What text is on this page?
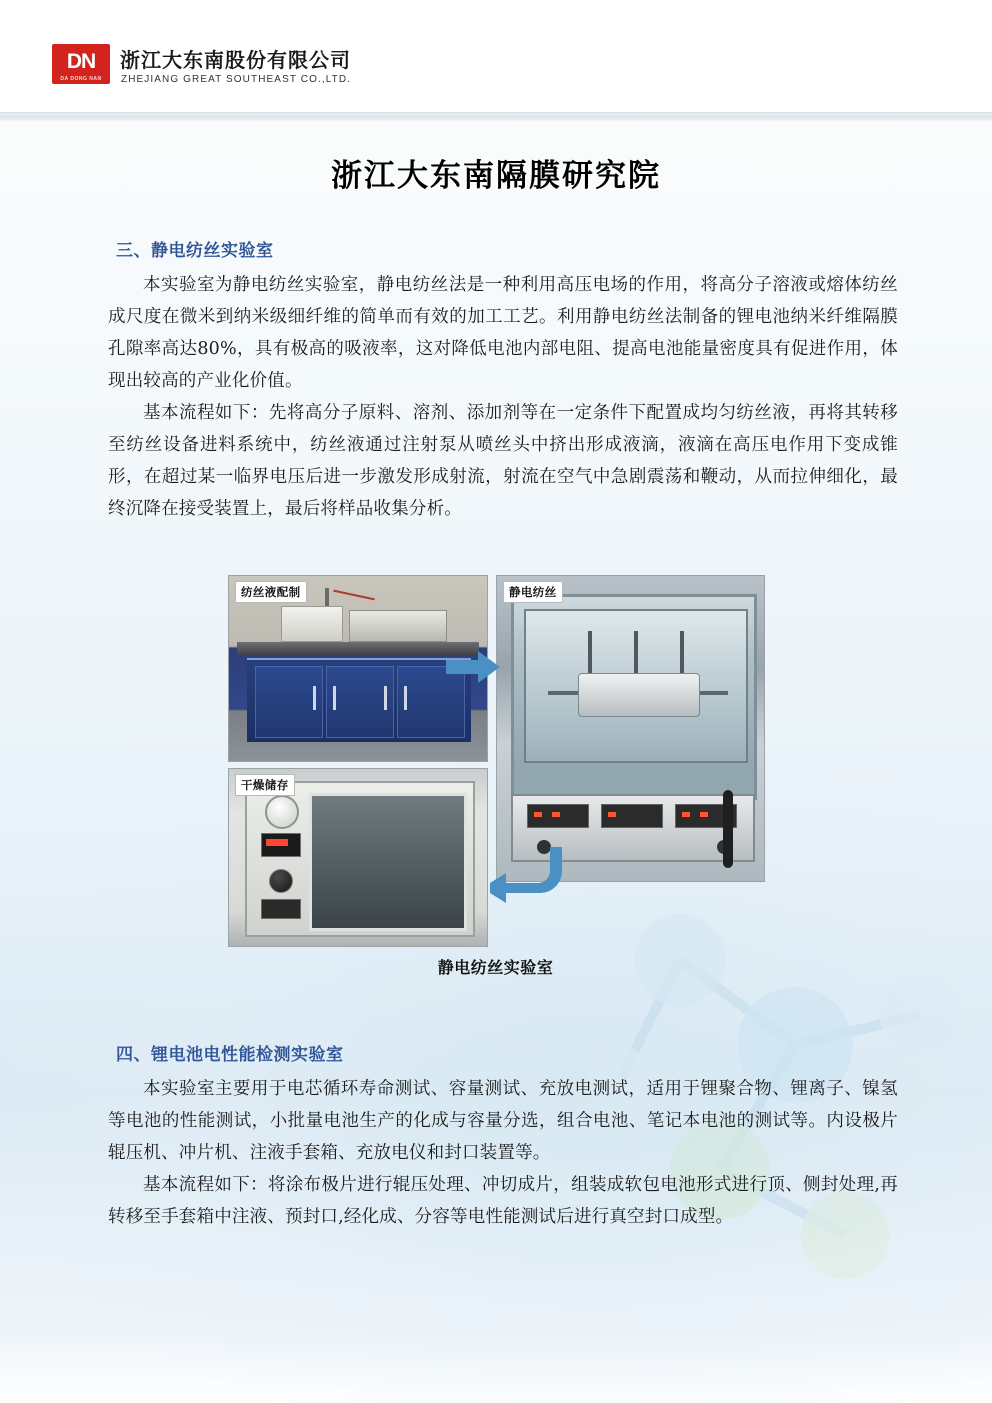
DN
DA DONG NAN
浙江大东南股份有限公司
ZHEJIANG GREAT SOUTHEAST CO.,LTD.
浙江大东南隔膜研究院
三、静电纺丝实验室

本实验室为静电纺丝实验室，静电纺丝法是一种利用高压电场的作用，将高分子溶液或熔体纺丝成尺度在微米到纳米级细纤维的简单而有效的加工工艺。利用静电纺丝法制备的锂电池纳米纤维隔膜孔隙率高达80%，具有极高的吸液率，这对降低电池内部电阻、提高电池能量密度具有促进作用，体现出较高的产业化价值。

基本流程如下：先将高分子原料、溶剂、添加剂等在一定条件下配置成均匀纺丝液，再将其转移至纺丝设备进料系统中，纺丝液通过注射泵从喷丝头中挤出形成液滴，液滴在高压电作用下变成锥形，在超过某一临界电压后进一步激发形成射流，射流在空气中急剧震荡和鞭动，从而拉伸细化，最终沉降在接受装置上，最后将样品收集分析。

纺丝液配制	静电纺丝
干燥储存
静电纺丝实验室
四、锂电池电性能检测实验室

本实验室主要用于电芯循环寿命测试、容量测试、充放电测试，适用于锂聚合物、锂离子、镍氢等电池的性能测试，小批量电池生产的化成与容量分选，组合电池、笔记本电池的测试等。内设极片辊压机、冲片机、注液手套箱、充放电仪和封口装置等。

基本流程如下：将涂布极片进行辊压处理、冲切成片，组装成软包电池形式进行顶、侧封处理,再转移至手套箱中注液、预封口,经化成、分容等电性能测试后进行真空封口成型。
